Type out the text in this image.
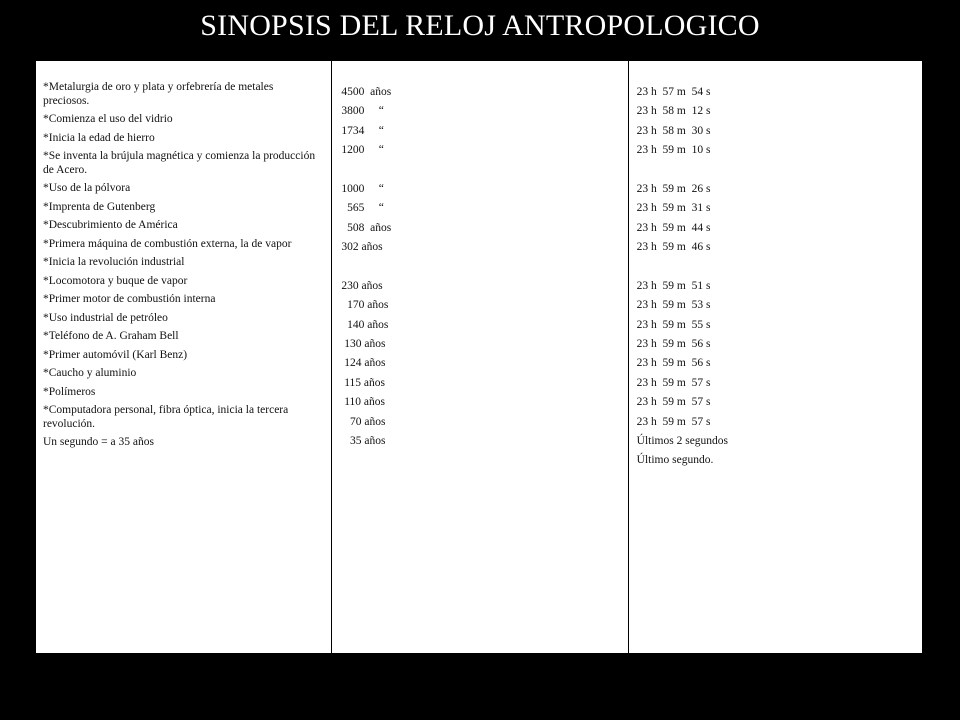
SINOPSIS DEL RELOJ ANTROPOLOGICO
*Metalurgia de oro y plata y orfebrería de metales preciosos.
*Comienza el uso del vidrio
*Inicia la edad de hierro
*Se inventa la brújula magnética y comienza la producción de Acero.
*Uso de la pólvora
*Imprenta de Gutenberg
*Descubrimiento de América
*Primera máquina de combustión externa, la de vapor
*Inicia la revolución industrial
*Locomotora y buque de vapor
*Primer motor de combustión interna
*Uso industrial de petróleo
*Teléfono de A. Graham Bell
*Primer automóvil (Karl Benz)
*Caucho y aluminio
*Polímeros
*Computadora personal, fibra óptica, inicia la tercera revolución.
Un segundo = a 35 años
4500  años
3800     “
1734     “
1200     “

1000     “
565     “
508  años
302 años

230 años
170 años
140 años
130 años
124 años
115 años
110 años
70 años
35 años
23 h  57 m  54 s
23 h  58 m  12 s
23 h  58 m  30 s
23 h  59 m  10 s

23 h  59 m  26 s
23 h  59 m  31 s
23 h  59 m  44 s
23 h  59 m  46 s

23 h  59 m  51 s
23 h  59 m  53 s
23 h  59 m  55 s
23 h  59 m  56 s
23 h  59 m  56 s
23 h  59 m  57 s
23 h  59 m  57 s
23 h  59 m  57 s
Últimos 2 segundos
Último segundo.
